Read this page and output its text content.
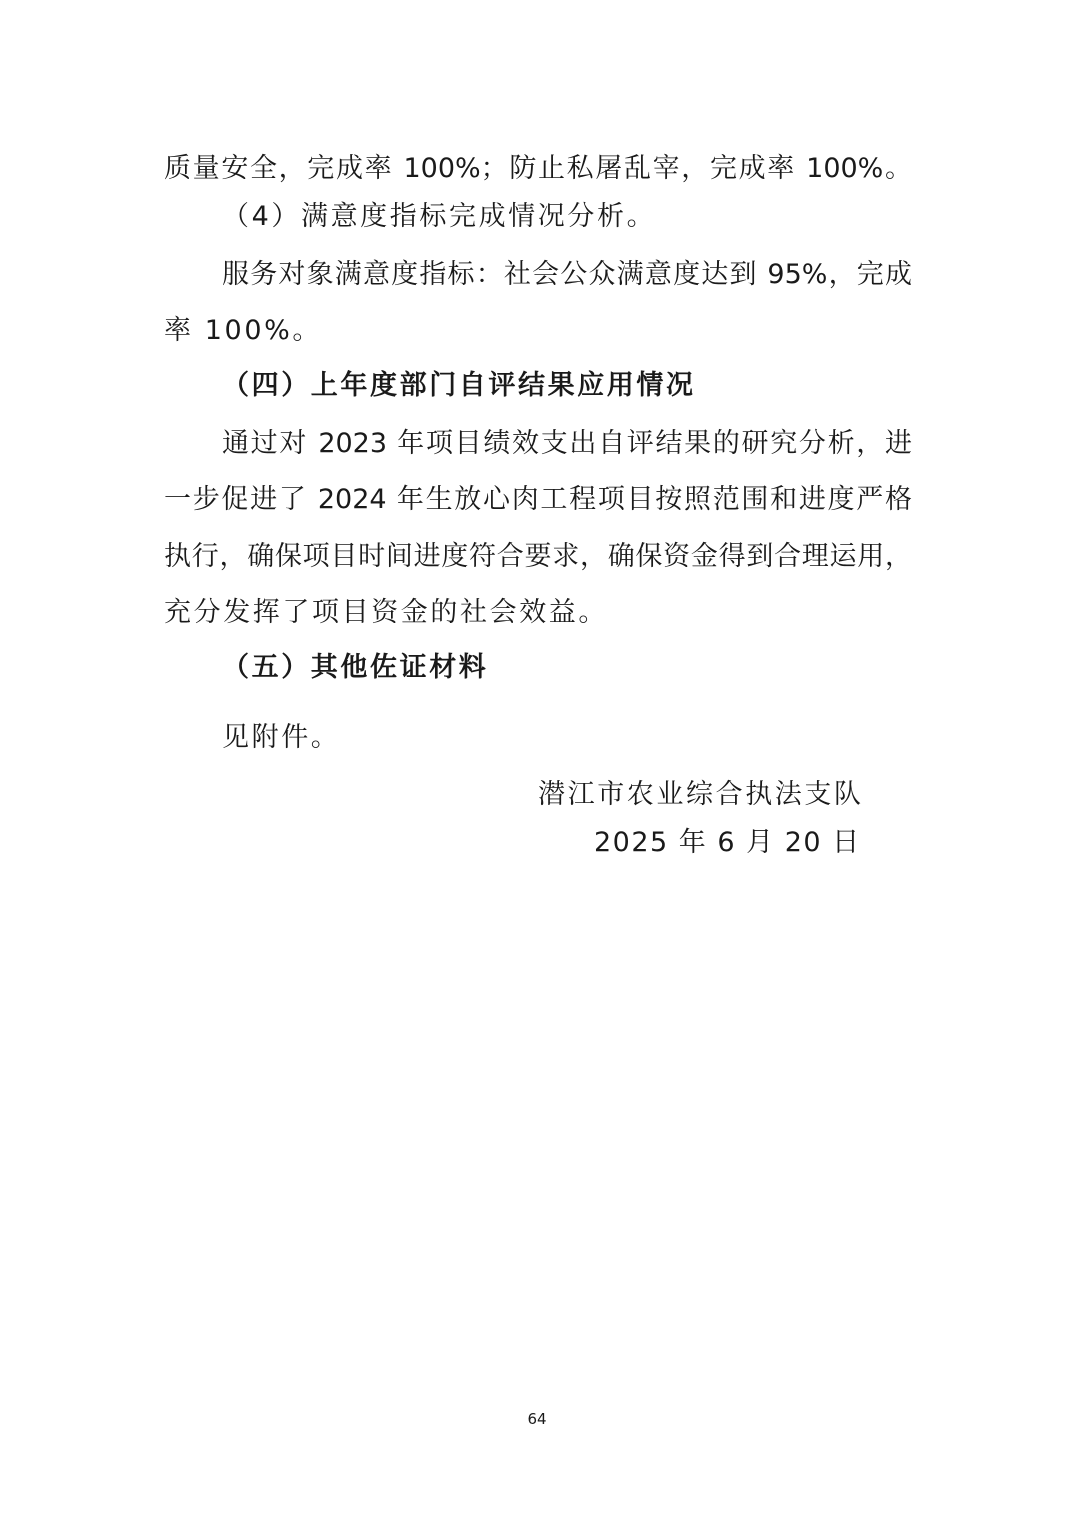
质量安全，完成率 100%；防止私屠乱宰，完成率 100%。
（4）满意度指标完成情况分析。
服务对象满意度指标：社会公众满意度达到 95%，完成
率 100%。
（四）上年度部门自评结果应用情况
通过对 2023 年项目绩效支出自评结果的研究分析，进
一步促进了 2024 年生放心肉工程项目按照范围和进度严格
执行，确保项目时间进度符合要求，确保资金得到合理运用，
充分发挥了项目资金的社会效益。
（五）其他佐证材料
见附件。
潜江市农业综合执法支队
2025 年 6 月 20 日
64
